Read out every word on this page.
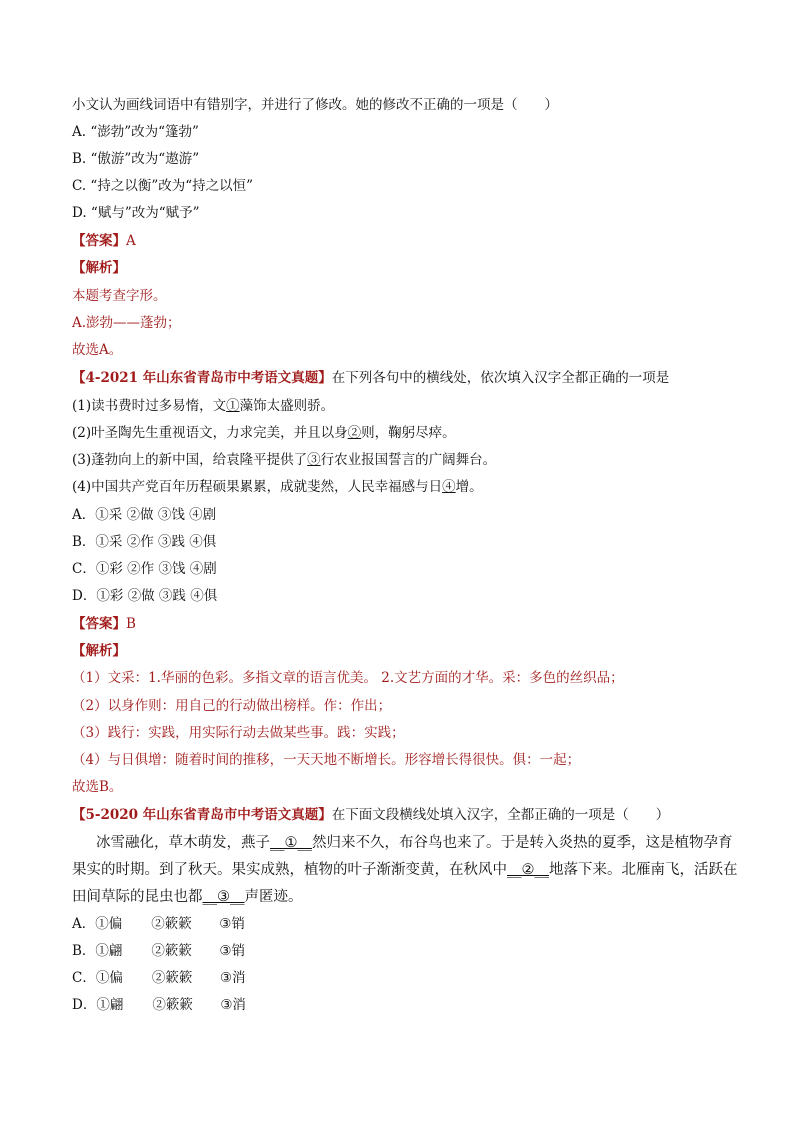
小文认为画线词语中有错别字，并进行了修改。她的修改不正确的一项是（　　）
A. “澎勃”改为“篷勃”
B. “傲游”改为“遨游”
C. “持之以衡”改为“持之以恒”
D. “赋与”改为“赋予”
【答案】A
【解析】
本题考查字形。
A.澎勃——蓬勃；
故选A。
【4-2021 年山东省青岛市中考语文真题】在下列各句中的横线处，依次填入汉字全都正确的一项是
(1)读书费时过多易惰，文①藻饰太盛则骄。
(2)叶圣陶先生重视语文，力求完美，并且以身②则，鞠躬尽瘁。
(3)蓬勃向上的新中国，给袁隆平提供了③行农业报国誓言的广阔舞台。
(4)中国共产党百年历程硕果累累，成就斐然，人民幸福感与日④增。
A．①采 ②做 ③饯 ④剧
B．①采 ②作 ③践 ④俱
C．①彩 ②作 ③饯 ④剧
D．①彩 ②做 ③践 ④俱
【答案】B
【解析】
（1）文采：1.华丽的色彩。多指文章的语言优美。 2.文艺方面的才华。采：多色的丝织品；
（2）以身作则：用自己的行动做出榜样。作：作出；
（3）践行：实践，用实际行动去做某些事。践：实践；
（4）与日俱增：随着时间的推移，一天天地不断增长。形容增长得很快。俱：一起；
故选B。
【5-2020 年山东省青岛市中考语文真题】在下面文段横线处填入汉字，全都正确的一项是（　　）
冰雪融化，草木萌发，燕子__①__然归来不久，布谷鸟也来了。于是转入炎热的夏季，这是植物孕育
果实的时期。到了秋天。果实成熟，植物的叶子渐渐变黄，在秋风中__②__地落下来。北雁南飞，活跃在
田间草际的昆虫也都__③__声匿迹。
A．①偏 ②簌簌 ③销
B．①翩 ②簌簌 ③销
C．①偏 ②簌簌 ③消
D．①翩 ②簌簌 ③消
